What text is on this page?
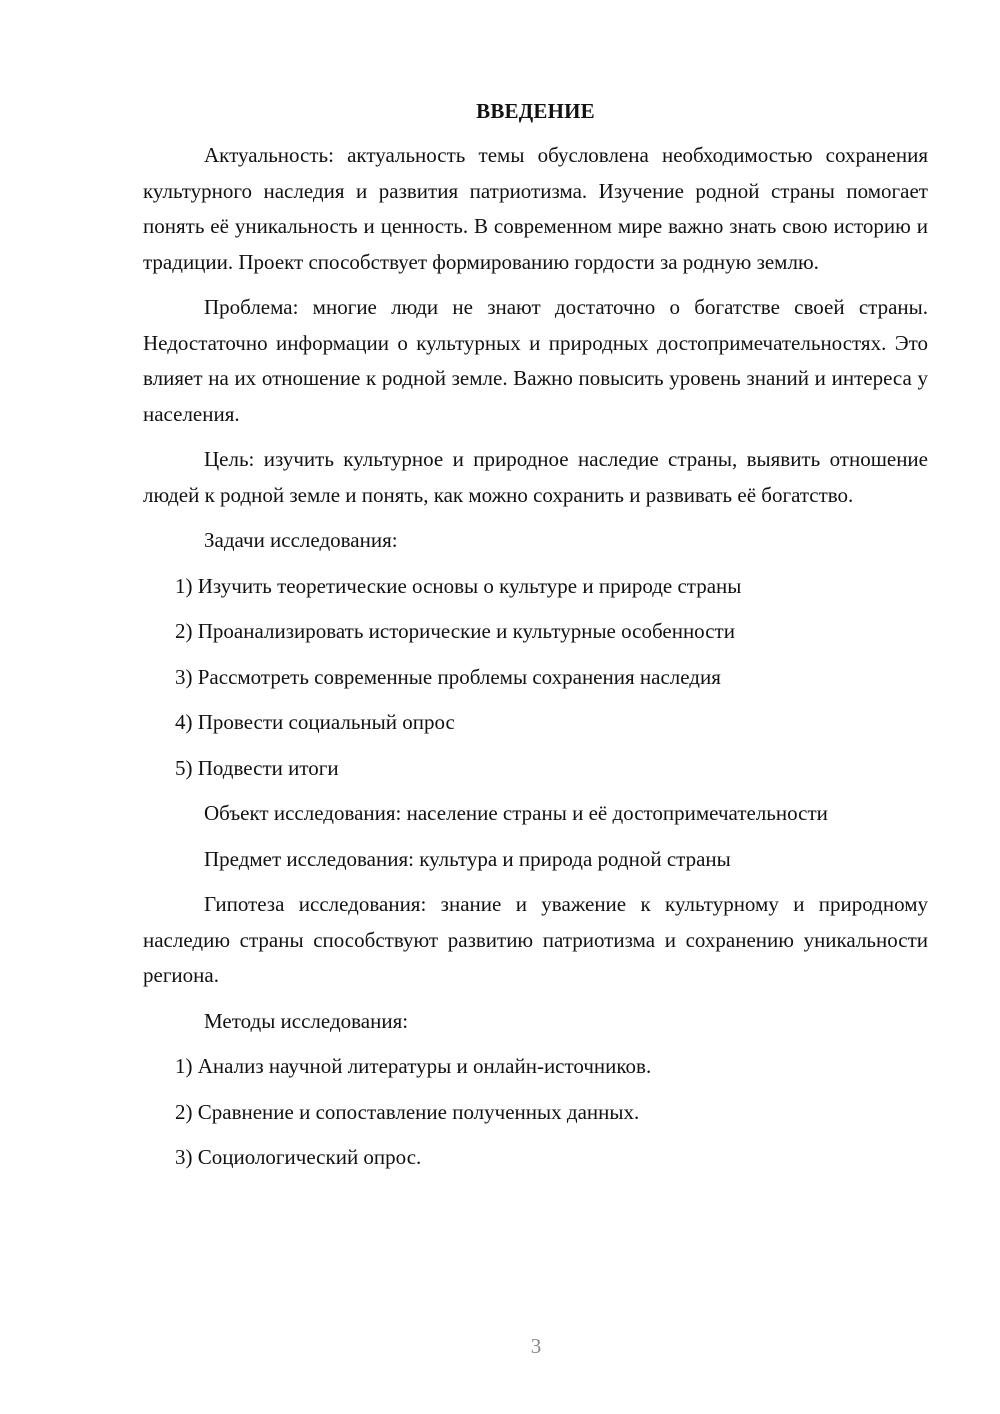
ВВЕДЕНИЕ

Актуальность: актуальность темы обусловлена необходимостью сохранения культурного наследия и развития патриотизма. Изучение родной страны помогает понять её уникальность и ценность. В современном мире важно знать свою историю и традиции. Проект способствует формированию гордости за родную землю.

Проблема: многие люди не знают достаточно о богатстве своей страны. Недостаточно информации о культурных и природных достопримечательностях. Это влияет на их отношение к родной земле. Важно повысить уровень знаний и интереса у населения.

Цель: изучить культурное и природное наследие страны, выявить отношение людей к родной земле и понять, как можно сохранить и развивать её богатство.

Задачи исследования:

1) Изучить теоретические основы о культуре и природе страны
2) Проанализировать исторические и культурные особенности
3) Рассмотреть современные проблемы сохранения наследия
4) Провести социальный опрос
5) Подвести итоги

Объект исследования: население страны и её достопримечательности

Предмет исследования: культура и природа родной страны

Гипотеза исследования: знание и уважение к культурному и природному наследию страны способствуют развитию патриотизма и сохранению уникальности региона.

Методы исследования:

1) Анализ научной литературы и онлайн-источников.
2) Сравнение и сопоставление полученных данных.
3) Социологический опрос.
3
